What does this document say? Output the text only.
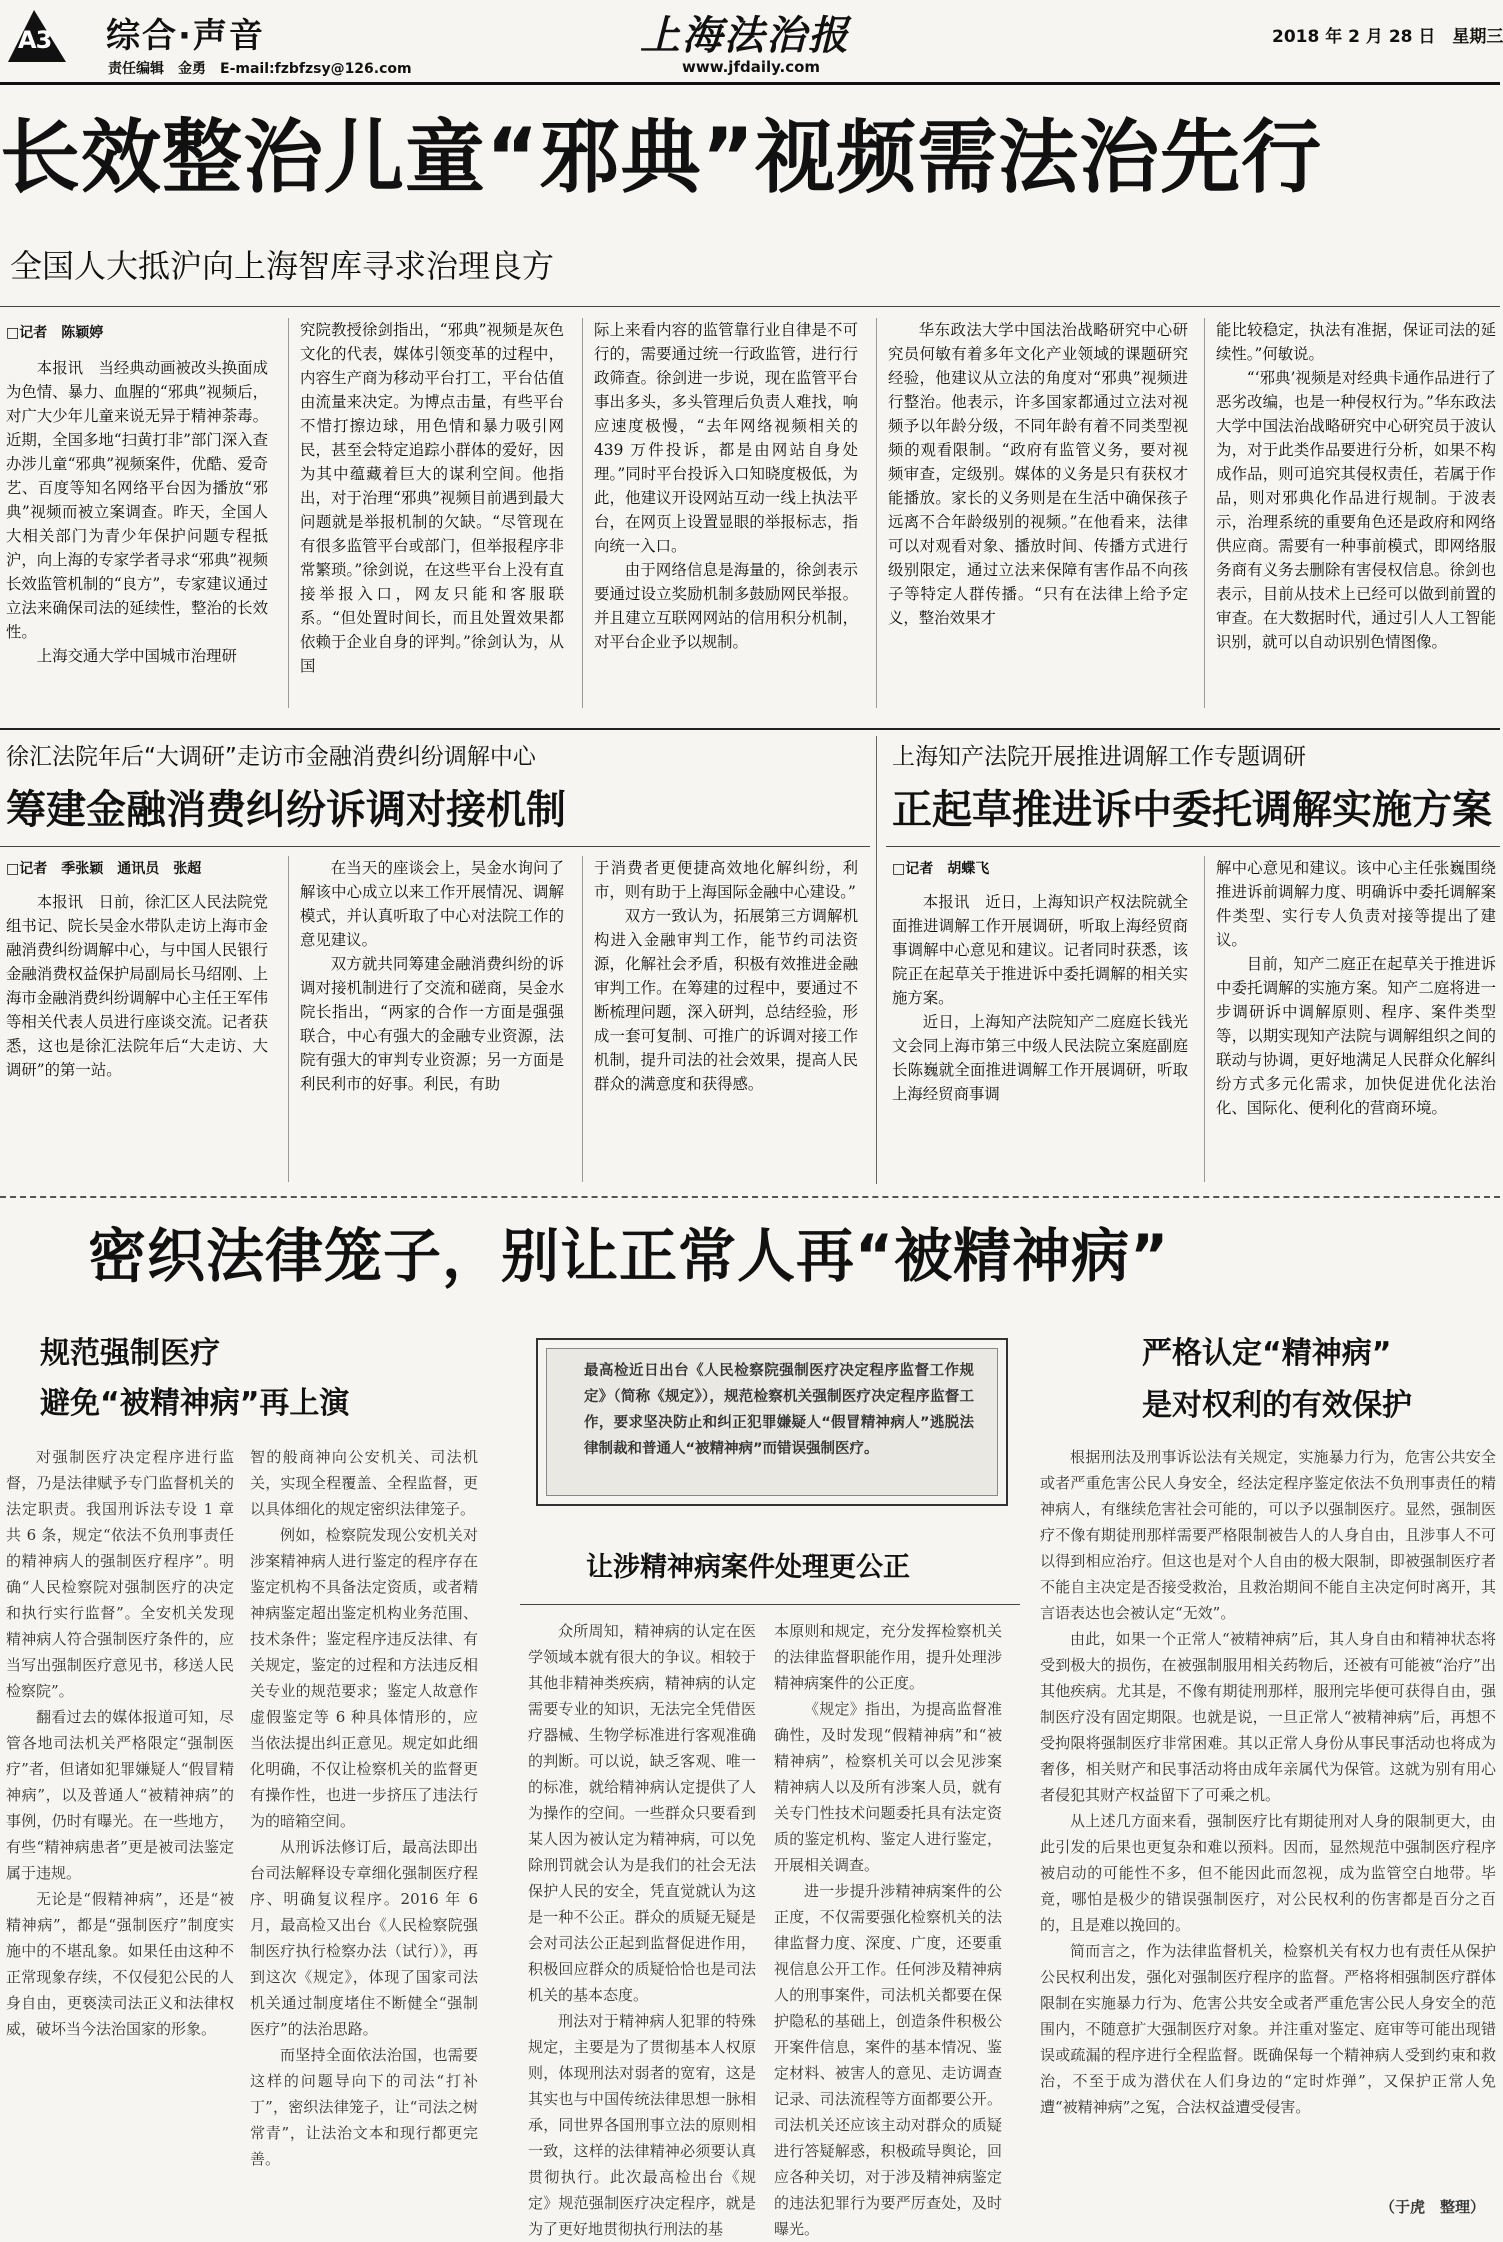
A3 综合·声音
责任编辑　金勇　E-mail:fzbfzsy@126.com
上海法治报
www.jfdaily.com
2018 年 2 月 28 日　星期三
长效整治儿童“邪典”视频需法治先行
全国人大抵沪向上海智库寻求治理良方
□记者　陈颖婷

本报讯　当经典动画被改头换面成为色情、暴力、血腥的“邪典”视频后，对广大少年儿童来说无异于精神荼毒。近期，全国多地“扫黄打非”部门深入查办涉儿童“邪典”视频案件，优酷、爱奇艺、百度等知名网络平台因为播放“邪典”视频而被立案调查。昨天，全国人大相关部门为青少年保护问题专程抵沪，向上海的专家学者寻求“邪典”视频长效监管机制的“良方”，专家建议通过立法来确保司法的延续性，整治的长效性。

上海交通大学中国城市治理研

究院教授徐剑指出，“邪典”视频是灰色文化的代表，媒体引领变革的过程中，内容生产商为移动平台打工，平台估值由流量来决定。为博点击量，有些平台不惜打擦边球，用色情和暴力吸引网民，甚至会特定追踪小群体的爱好，因为其中蕴藏着巨大的谋利空间。他指出，对于治理“邪典”视频目前遇到最大问题就是举报机制的欠缺。“尽管现在有很多监管平台或部门，但举报程序非常繁琐。”徐剑说，在这些平台上没有直接举报入口，网友只能和客服联系。“但处置时间长，而且处置效果都依赖于企业自身的评判。”徐剑认为，从国

际上来看内容的监管靠行业自律是不可行的，需要通过统一行政监管，进行行政筛查。徐剑进一步说，现在监管平台事出多头，多头管理后负责人难找，响应速度极慢，“去年网络视频相关的 439 万件投诉，都是由网站自身处理。”同时平台投诉入口知晓度极低，为此，他建议开设网站互动一线上执法平台，在网页上设置显眼的举报标志，指向统一入口。

由于网络信息是海量的，徐剑表示要通过设立奖励机制多鼓励网民举报。并且建立互联网网站的信用积分机制，对平台企业予以规制。

华东政法大学中国法治战略研究中心研究员何敏有着多年文化产业领域的课题研究经验，他建议从立法的角度对“邪典”视频进行整治。他表示，许多国家都通过立法对视频予以年龄分级，不同年龄有着不同类型视频的观看限制。“政府有监管义务，要对视频审查，定级别。媒体的义务是只有获权才能播放。家长的义务则是在生活中确保孩子远离不合年龄级别的视频。”在他看来，法律可以对观看对象、播放时间、传播方式进行级别限定，通过立法来保障有害作品不向孩子等特定人群传播。“只有在法律上给予定义，整治效果才

能比较稳定，执法有准据，保证司法的延续性。”何敏说。

“‘邪典’视频是对经典卡通作品进行了恶劣改编，也是一种侵权行为。”华东政法大学中国法治战略研究中心研究员于波认为，对于此类作品要进行分析，如果不构成作品，则可追究其侵权责任，若属于作品，则对邪典化作品进行规制。于波表示，治理系统的重要角色还是政府和网络供应商。需要有一种事前模式，即网络服务商有义务去删除有害侵权信息。徐剑也表示，目前从技术上已经可以做到前置的审查。在大数据时代，通过引人人工智能识别，就可以自动识别色情图像。

徐汇法院年后“大调研”走访市金融消费纠纷调解中心
筹建金融消费纠纷诉调对接机制
□记者　季张颖　通讯员　张超

本报讯　日前，徐汇区人民法院党组书记、院长吴金水带队走访上海市金融消费纠纷调解中心，与中国人民银行金融消费权益保护局副局长马绍刚、上海市金融消费纠纷调解中心主任王军伟等相关代表人员进行座谈交流。记者获悉，这也是徐汇法院年后“大走访、大调研”的第一站。

在当天的座谈会上，吴金水询问了解该中心成立以来工作开展情况、调解模式，并认真听取了中心对法院工作的意见建议。

双方就共同筹建金融消费纠纷的诉调对接机制进行了交流和磋商，吴金水院长指出，“两家的合作一方面是强强联合，中心有强大的金融专业资源，法院有强大的审判专业资源；另一方面是利民利市的好事。利民，有助

于消费者更便捷高效地化解纠纷，利市，则有助于上海国际金融中心建设。”

双方一致认为，拓展第三方调解机构进入金融审判工作，能节约司法资源，化解社会矛盾，积极有效推进金融审判工作。在筹建的过程中，要通过不断梳理问题，深入研判，总结经验，形成一套可复制、可推广的诉调对接工作机制，提升司法的社会效果，提高人民群众的满意度和获得感。

上海知产法院开展推进调解工作专题调研
正起草推进诉中委托调解实施方案
□记者　胡蝶飞

本报讯　近日，上海知识产权法院就全面推进调解工作开展调研，听取上海经贸商事调解中心意见和建议。记者同时获悉，该院正在起草关于推进诉中委托调解的相关实施方案。

近日，上海知产法院知产二庭庭长钱光文会同上海市第三中级人民法院立案庭副庭长陈巍就全面推进调解工作开展调研，听取上海经贸商事调

解中心意见和建议。该中心主任张巍围绕推进诉前调解力度、明确诉中委托调解案件类型、实行专人负责对接等提出了建议。

目前，知产二庭正在起草关于推进诉中委托调解的实施方案。知产二庭将进一步调研诉中调解原则、程序、案件类型等，以期实现知产法院与调解组织之间的联动与协调，更好地满足人民群众化解纠纷方式多元化需求，加快促进优化法治化、国际化、便利化的营商环境。

密织法律笼子，别让正常人再“被精神病”
规范强制医疗
避免“被精神病”再上演

对强制医疗决定程序进行监督，乃是法律赋予专门监督机关的法定职责。我国刑诉法专设 1 章共 6 条，规定“依法不负刑事责任的精神病人的强制医疗程序”。明确“人民检察院对强制医疗的决定和执行实行监督”。全安机关发现精神病人符合强制医疗条件的，应当写出强制医疗意见书，移送人民检察院”。

翻看过去的媒体报道可知，尽管各地司法机关严格限定“强制医疗”者，但诸如犯罪嫌疑人“假冒精神病”，以及普通人“被精神病”的事例，仍时有曝光。在一些地方，有些“精神病患者”更是被司法鉴定属于违规。

无论是“假精神病”，还是“被精神病”，都是“强制医疗”制度实施中的不堪乱象。如果任由这种不正常现象存续，不仅侵犯公民的人身自由，更亵渎司法正义和法律权威，破坏当今法治国家的形象。

智的般商神向公安机关、司法机关，实现全程覆盖、全程监督，更以具体细化的规定密织法律笼子。

例如，检察院发现公安机关对涉案精神病人进行鉴定的程序存在鉴定机构不具备法定资质，或者精神病鉴定超出鉴定机构业务范围、技术条件；鉴定程序违反法律、有关规定，鉴定的过程和方法违反相关专业的规范要求；鉴定人故意作虚假鉴定等 6 种具体情形的，应当依法提出纠正意见。规定如此细化明确，不仅让检察机关的监督更有操作性，也进一步挤压了违法行为的暗箱空间。

从刑诉法修订后，最高法即出台司法解释设专章细化强制医疗程序、明确复议程序。2016 年 6 月，最高检又出台《人民检察院强制医疗执行检察办法（试行）》，再到这次《规定》，体现了国家司法机关通过制度堵住不断健全“强制医疗”的法治思路。

而坚持全面依法治国，也需要这样的问题导向下的司法“打补丁”，密织法律笼子，让“司法之树常青”，让法治文本和现行都更完善。

最高检近日出台《人民检察院强制医疗决定程序监督工作规定》（简称《规定》），规范检察机关强制医疗决定程序监督工作，要求坚决防止和纠正犯罪嫌疑人“假冒精神病人”逃脱法律制裁和普通人“被精神病”而错误强制医疗。
让涉精神病案件处理更公正

众所周知，精神病的认定在医学领域本就有很大的争议。相较于其他非精神类疾病，精神病的认定需要专业的知识，无法完全凭借医疗器械、生物学标准进行客观准确的判断。可以说，缺乏客观、唯一的标准，就给精神病认定提供了人为操作的空间。一些群众只要看到某人因为被认定为精神病，可以免除刑罚就会认为是我们的社会无法保护人民的安全，凭直觉就认为这是一种不公正。群众的质疑无疑是会对司法公正起到监督促进作用，积极回应群众的质疑恰恰也是司法机关的基本态度。

刑法对于精神病人犯罪的特殊规定，主要是为了贯彻基本人权原则，体现刑法对弱者的宽宥，这是其实也与中国传统法律思想一脉相承，同世界各国刑事立法的原则相一致，这样的法律精神必须要认真贯彻执行。此次最高检出台《规定》规范强制医疗决定程序，就是为了更好地贯彻执行刑法的基

本原则和规定，充分发挥检察机关的法律监督职能作用，提升处理涉精神病案件的公正度。

《规定》指出，为提高监督准确性，及时发现“假精神病”和“被精神病”，检察机关可以会见涉案精神病人以及所有涉案人员，就有关专门性技术问题委托具有法定资质的鉴定机构、鉴定人进行鉴定，开展相关调查。

进一步提升涉精神病案件的公正度，不仅需要强化检察机关的法律监督力度、深度、广度，还要重视信息公开工作。任何涉及精神病人的刑事案件，司法机关都要在保护隐私的基础上，创造条件积极公开案件信息，案件的基本情况、鉴定材料、被害人的意见、走访调查记录、司法流程等方面都要公开。司法机关还应该主动对群众的质疑进行答疑解惑，积极疏导舆论，回应各种关切，对于涉及精神病鉴定的违法犯罪行为要严厉查处，及时曝光。

严格认定“精神病”
是对权利的有效保护

根据刑法及刑事诉讼法有关规定，实施暴力行为，危害公共安全或者严重危害公民人身安全，经法定程序鉴定依法不负刑事责任的精神病人，有继续危害社会可能的，可以予以强制医疗。显然，强制医疗不像有期徒刑那样需要严格限制被告人的人身自由，且涉事人不可以得到相应治疗。但这也是对个人自由的极大限制，即被强制医疗者不能自主决定是否接受救治，且救治期间不能自主决定何时离开，其言语表达也会被认定“无效”。

由此，如果一个正常人“被精神病”后，其人身自由和精神状态将受到极大的损伤，在被强制服用相关药物后，还被有可能被“治疗”出其他疾病。尤其是，不像有期徒刑那样，服刑完毕便可获得自由，强制医疗没有固定期限。也就是说，一旦正常人“被精神病”后，再想不受拘限将强制医疗非常困难。其以正常人身份从事民事活动也将成为奢侈，相关财产和民事活动将由成年亲属代为保管。这就为别有用心者侵犯其财产权益留下了可乘之机。

从上述几方面来看，强制医疗比有期徒刑对人身的限制更大，由此引发的后果也更复杂和难以预料。因而，显然规范中强制医疗程序被启动的可能性不多，但不能因此而忽视，成为监管空白地带。毕竟，哪怕是极少的错误强制医疗，对公民权利的伤害都是百分之百的，且是难以挽回的。

简而言之，作为法律监督机关，检察机关有权力也有责任从保护公民权利出发，强化对强制医疗程序的监督。严格将相强制医疗群体限制在实施暴力行为、危害公共安全或者严重危害公民人身安全的范围内，不随意扩大强制医疗对象。并注重对鉴定、庭审等可能出现错误或疏漏的程序进行全程监督。既确保每一个精神病人受到约束和救治，不至于成为潜伏在人们身边的“定时炸弹”，又保护正常人免遭“被精神病”之冤，合法权益遭受侵害。

（于虎　整理）
